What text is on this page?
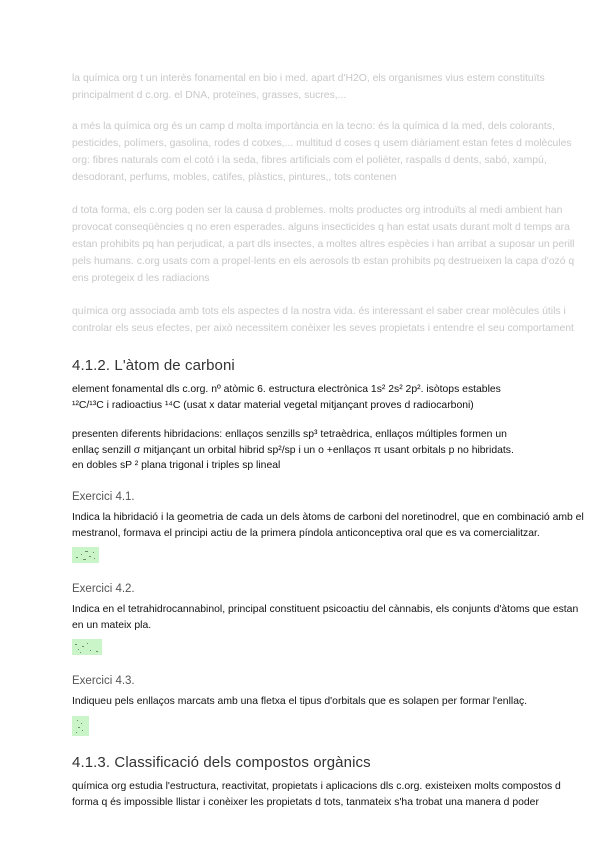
la química org t un interès fonamental en bio i med. apart d'H2O, els organismes vius estem constituïts principalment d c.org. el DNA, proteïnes, grasses, sucres,...

a més la química org és un camp d molta importància en la tecno: és la química d la med, dels colorants, pesticides, polímers, gasolina, rodes d cotxes,... multitud d coses q usem diàriament estan fetes d molècules org: fibres naturals com el cotó i la seda, fibres artificials com el polièter, raspalls d dents, sabó, xampú, desodorant, perfums, mobles, catifes, plàstics, pintures,, tots contenen

d tota forma, els c.org poden ser la causa d problemes. molts productes org introduïts al medi ambient han provocat conseqüències q no eren esperades. alguns insecticides q han estat usats durant molt d temps ara estan prohibits pq han perjudicat, a part dls insectes, a moltes altres espècies i han arribat a suposar un perill pels humans. c.org usats com a propel·lents en els aerosols tb estan prohibits pq destrueixen la capa d'ozó q ens protegeix d les radiacions

química org associada amb tots els aspectes d la nostra vida. és interessant el saber crear molècules útils i controlar els seus efectes, per això necessitem conèixer les seves propietats i entendre el seu comportament

4.1.2. L'àtom de carboni
element fonamental dls c.org. nº atòmic 6. estructura electrònica 1s² 2s² 2p². isòtops estables
¹²C/¹³C i radioactius ¹⁴C (usat x datar material vegetal mitjançant proves d radiocarboni)
presenten diferents hibridacions: enllaços senzills sp³ tetraèdrica, enllaços múltiples formen un
enllaç senzill σ mitjançant un orbital hibrid sp²/sp i un o +enllaços π usant orbitals p no hibridats.
en dobles sP ² plana trigonal i triples sp lineal
Exercici 4.1.
Indica la hibridació i la geometria de cada un dels àtoms de carboni del noretinodrel, que en combinació amb el mestranol, formava el principi actiu de la primera píndola anticonceptiva oral que es va comercialitzar.
Exercici 4.2.
Indica en el tetrahidrocannabinol, principal constituent psicoactiu del cànnabis, els conjunts d'àtoms que estan en un mateix pla.
Exercici 4.3.
Indiqueu pels enllaços marcats amb una fletxa el tipus d'orbitals que es solapen per formar l'enllaç.
4.1.3. Classificació dels compostos orgànics
química org estudia l'estructura, reactivitat, propietats i aplicacions dls c.org. existeixen molts compostos d forma q és impossible llistar i conèixer les propietats d tots, tanmateix s'ha trobat una manera d poder
